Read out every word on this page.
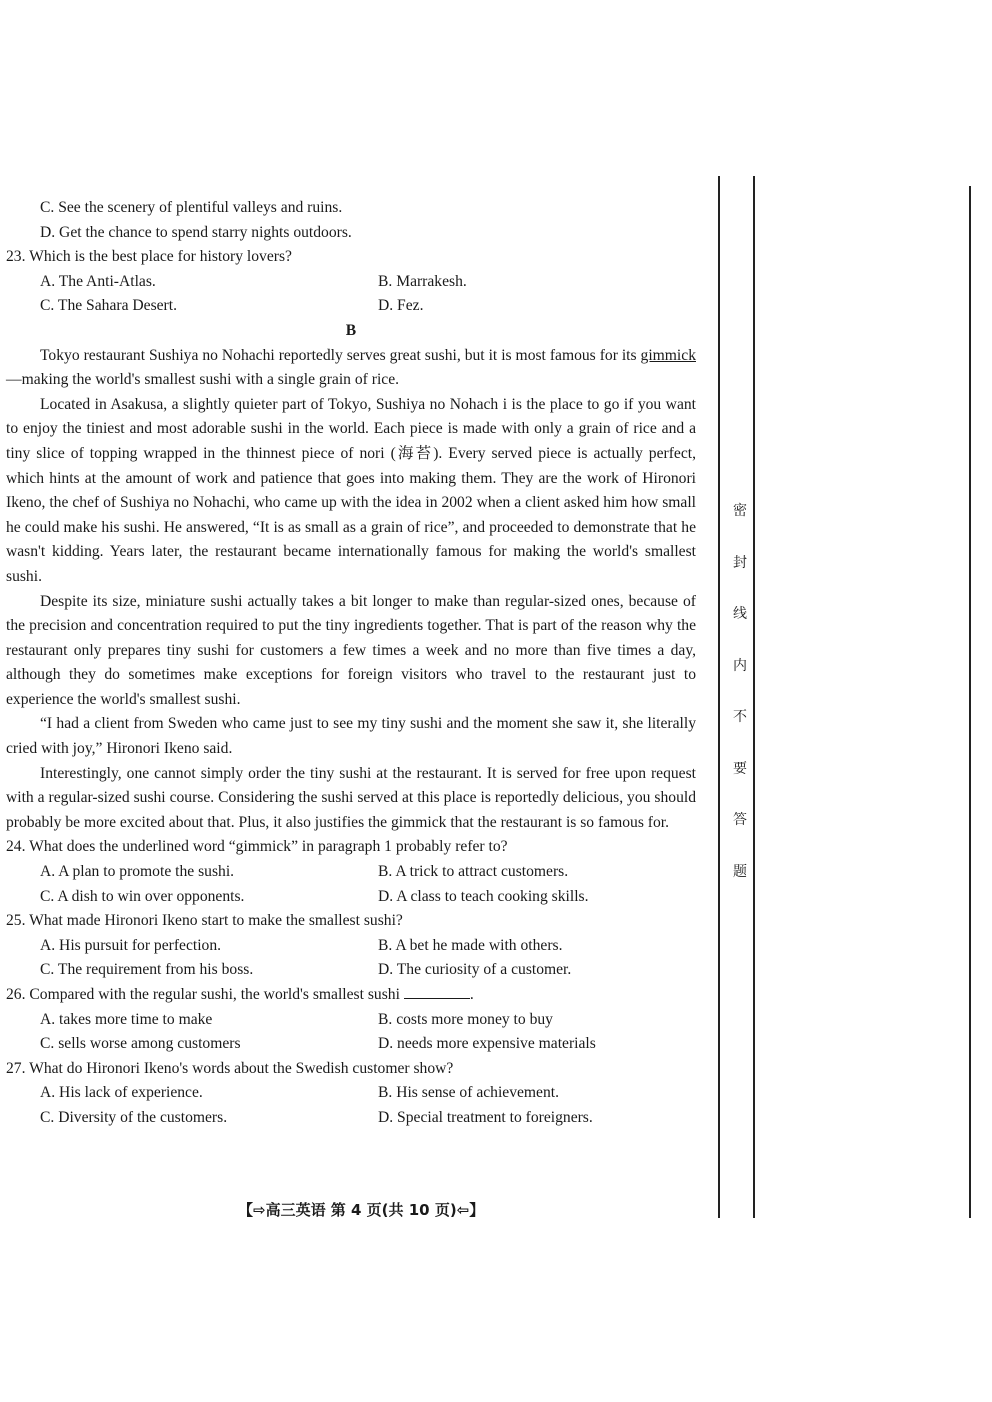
C. See the scenery of plentiful valleys and ruins.
D. Get the chance to spend starry nights outdoors.
23. Which is the best place for history lovers?
A. The Anti-Atlas.	B. Marrakesh.
C. The Sahara Desert.	D. Fez.
B

Tokyo restaurant Sushiya no Nohachi reportedly serves great sushi, but it is most famous for its gimmick—making the world's smallest sushi with a single grain of rice.

Located in Asakusa, a slightly quieter part of Tokyo, Sushiya no Nohach i is the place to go if you want to enjoy the tiniest and most adorable sushi in the world. Each piece is made with only a grain of rice and a tiny slice of topping wrapped in the thinnest piece of nori (海苔). Every served piece is actually perfect, which hints at the amount of work and patience that goes into making them. They are the work of Hironori Ikeno, the chef of Sushiya no Nohachi, who came up with the idea in 2002 when a client asked him how small he could make his sushi. He answered, “It is as small as a grain of rice”, and proceeded to demonstrate that he wasn't kidding. Years later, the restaurant became internationally famous for making the world's smallest sushi.

Despite its size, miniature sushi actually takes a bit longer to make than regular-sized ones, because of the precision and concentration required to put the tiny ingredients together. That is part of the reason why the restaurant only prepares tiny sushi for customers a few times a week and no more than five times a day, although they do sometimes make exceptions for foreign visitors who travel to the restaurant just to experience the world's smallest sushi.

“I had a client from Sweden who came just to see my tiny sushi and the moment she saw it, she literally cried with joy,” Hironori Ikeno said.

Interestingly, one cannot simply order the tiny sushi at the restaurant. It is served for free upon request with a regular-sized sushi course. Considering the sushi served at this place is reportedly delicious, you should probably be more excited about that. Plus, it also justifies the gimmick that the restaurant is so famous for.

24. What does the underlined word “gimmick” in paragraph 1 probably refer to?
A. A plan to promote the sushi.	B. A trick to attract customers.
C. A dish to win over opponents.	D. A class to teach cooking skills.
25. What made Hironori Ikeno start to make the smallest sushi?
A. His pursuit for perfection.	B. A bet he made with others.
C. The requirement from his boss.	D. The curiosity of a customer.
26. Compared with the regular sushi, the world's smallest sushi	.
A. takes more time to make	B. costs more money to buy
C. sells worse among customers	D. needs more expensive materials
27. What do Hironori Ikeno's words about the Swedish customer show?
A. His lack of experience.	B. His sense of achievement.
C. Diversity of the customers.	D. Special treatment to foreigners.
密
封
线
内
不
要
答
题
【⇨高三英语 第 4 页(共 10 页)⇦】
